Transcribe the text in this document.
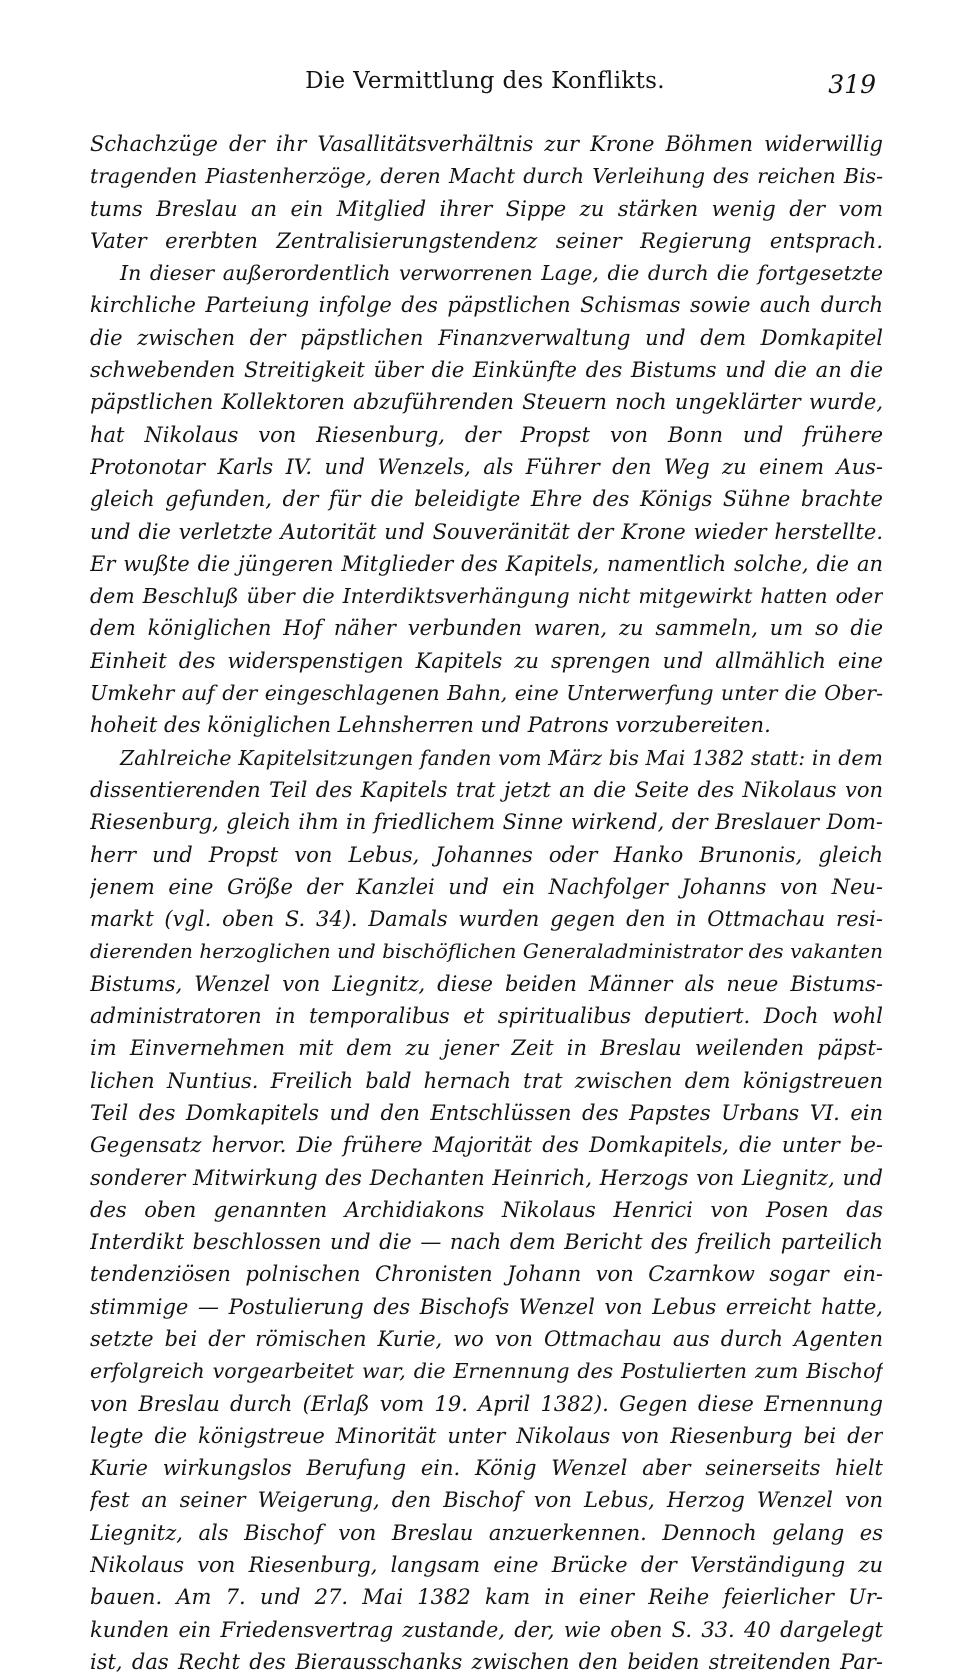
Die Vermittlung des Konflikts.	319
Schachzüge der ihr Vasallitätsverhältnis zur Krone Böhmen widerwillig
tragenden Piastenherzöge, deren Macht durch Verleihung des reichen Bis-
tums Breslau an ein Mitglied ihrer Sippe zu stärken wenig der vom
Vater ererbten Zentralisierungstendenz seiner Regierung entsprach.
In dieser außerordentlich verworrenen Lage, die durch die fortgesetzte
kirchliche Parteiung infolge des päpstlichen Schismas sowie auch durch
die zwischen der päpstlichen Finanzverwaltung und dem Domkapitel
schwebenden Streitigkeit über die Einkünfte des Bistums und die an die
päpstlichen Kollektoren abzuführenden Steuern noch ungeklärter wurde,
hat Nikolaus von Riesenburg, der Propst von Bonn und frühere
Protonotar Karls IV. und Wenzels, als Führer den Weg zu einem Aus-
gleich gefunden, der für die beleidigte Ehre des Königs Sühne brachte
und die verletzte Autorität und Souveränität der Krone wieder herstellte.
Er wußte die jüngeren Mitglieder des Kapitels, namentlich solche, die an
dem Beschluß über die Interdiktsverhängung nicht mitgewirkt hatten oder
dem königlichen Hof näher verbunden waren, zu sammeln, um so die
Einheit des widerspenstigen Kapitels zu sprengen und allmählich eine
Umkehr auf der eingeschlagenen Bahn, eine Unterwerfung unter die Ober-
hoheit des königlichen Lehnsherren und Patrons vorzubereiten.
Zahlreiche Kapitelsitzungen fanden vom März bis Mai 1382 statt: in dem
dissentierenden Teil des Kapitels trat jetzt an die Seite des Nikolaus von
Riesenburg, gleich ihm in friedlichem Sinne wirkend, der Breslauer Dom-
herr und Propst von Lebus, Johannes oder Hanko Brunonis, gleich
jenem eine Größe der Kanzlei und ein Nachfolger Johanns von Neu-
markt (vgl. oben S. 34). Damals wurden gegen den in Ottmachau resi-
dierenden herzoglichen und bischöflichen Generaladministrator des vakanten
Bistums, Wenzel von Liegnitz, diese beiden Männer als neue Bistums-
administratoren in temporalibus et spiritualibus deputiert. Doch wohl
im Einvernehmen mit dem zu jener Zeit in Breslau weilenden päpst-
lichen Nuntius. Freilich bald hernach trat zwischen dem königstreuen
Teil des Domkapitels und den Entschlüssen des Papstes Urbans VI. ein
Gegensatz hervor. Die frühere Majorität des Domkapitels, die unter be-
sonderer Mitwirkung des Dechanten Heinrich, Herzogs von Liegnitz, und
des oben genannten Archidiakons Nikolaus Henrici von Posen das
Interdikt beschlossen und die — nach dem Bericht des freilich parteilich
tendenziösen polnischen Chronisten Johann von Czarnkow sogar ein-
stimmige — Postulierung des Bischofs Wenzel von Lebus erreicht hatte,
setzte bei der römischen Kurie, wo von Ottmachau aus durch Agenten
erfolgreich vorgearbeitet war, die Ernennung des Postulierten zum Bischof
von Breslau durch (Erlaß vom 19. April 1382). Gegen diese Ernennung
legte die königstreue Minorität unter Nikolaus von Riesenburg bei der
Kurie wirkungslos Berufung ein. König Wenzel aber seinerseits hielt
fest an seiner Weigerung, den Bischof von Lebus, Herzog Wenzel von
Liegnitz, als Bischof von Breslau anzuerkennen. Dennoch gelang es
Nikolaus von Riesenburg, langsam eine Brücke der Verständigung zu
bauen. Am 7. und 27. Mai 1382 kam in einer Reihe feierlicher Ur-
kunden ein Friedensvertrag zustande, der, wie oben S. 33. 40 dargelegt
ist, das Recht des Bierausschanks zwischen den beiden streitenden Par-
